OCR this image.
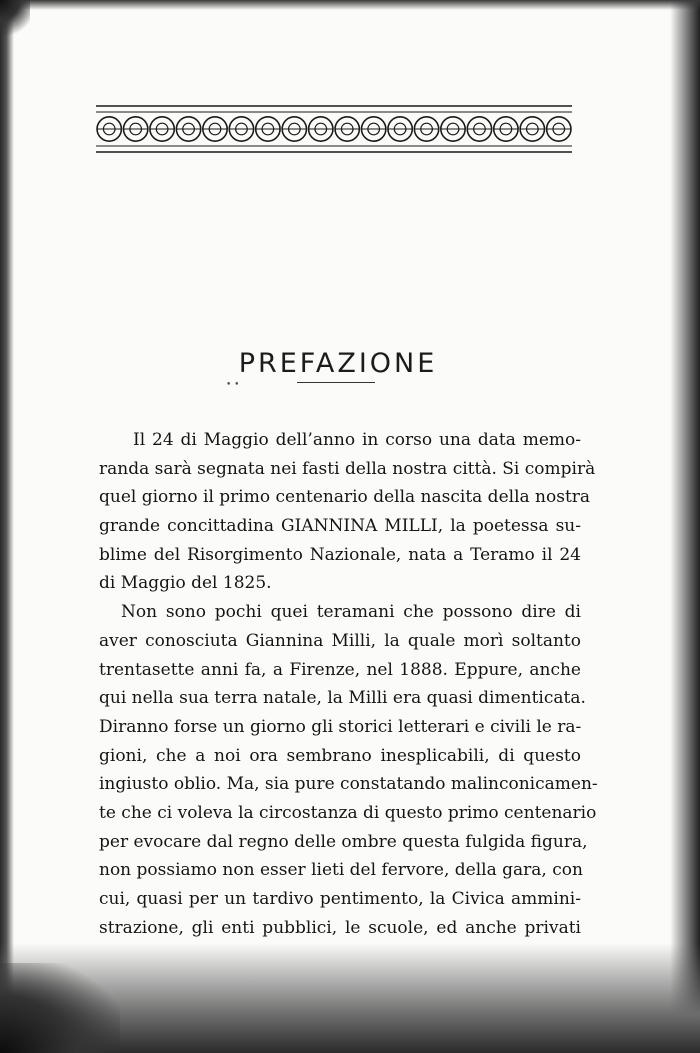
PREFAZIONE
• •
Il 24 di Maggio dell’anno in corso una data memo-
randa sarà segnata nei fasti della nostra città. Si compirà
quel giorno il primo centenario della nascita della nostra
grande concittadina GIANNINA MILLI, la poetessa su-
blime del Risorgimento Nazionale, nata a Teramo il 24
di Maggio del 1825.
Non sono pochi quei teramani che possono dire di
aver conosciuta Giannina Milli, la quale morì soltanto
trentasette anni fa, a Firenze, nel 1888. Eppure, anche
qui nella sua terra natale, la Milli era quasi dimenticata.
Diranno forse un giorno gli storici letterari e civili le ra-
gioni, che a noi ora sembrano inesplicabili, di questo
ingiusto oblio. Ma, sia pure constatando malinconicamen-
te che ci voleva la circostanza di questo primo centenario
per evocare dal regno delle ombre questa fulgida figura,
non possiamo non esser lieti del fervore, della gara, con
cui, quasi per un tardivo pentimento, la Civica ammini-
strazione, gli enti pubblici, le scuole, ed anche privati
